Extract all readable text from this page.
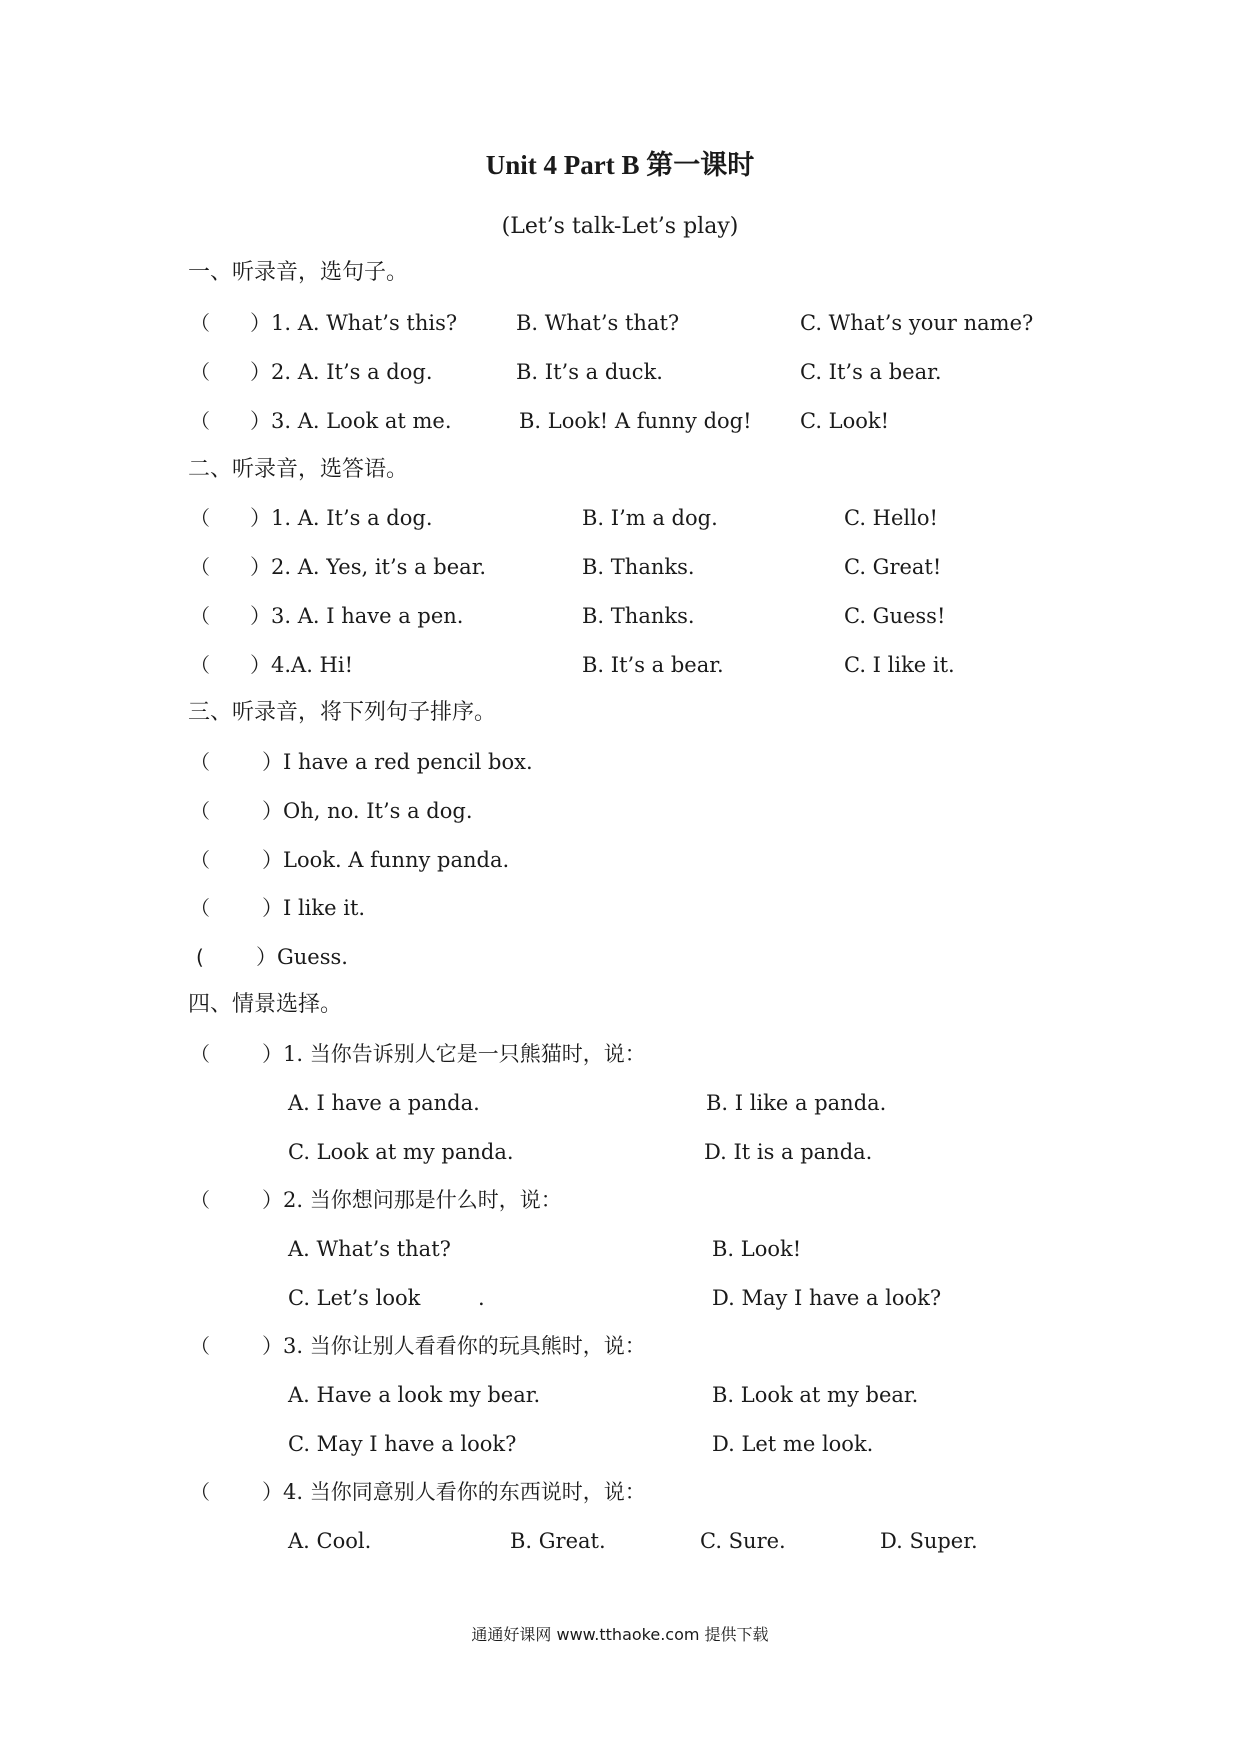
Unit 4 Part B 第一课时
(Let’s talk-Let’s play)
一、听录音，选句子。
（ ）1. A. What’s this?	B. What’s that?	C. What’s your name?
（ ）2. A. It’s a dog.	B. It’s a duck.	C. It’s a bear.
（ ）3. A. Look at me.	B. Look! A funny dog! C. Look!
二、听录音，选答语。
（ ）1. A. It’s a dog.	B. I’m a dog.	C. Hello!
（ ）2. A. Yes, it’s a bear.	B. Thanks.	C. Great!
（ ）3. A. I have a pen.	B. Thanks.	C. Guess!
（ ）4.A. Hi!	B. It’s a bear.	C. I like it.
三、听录音，将下列句子排序。
（ ）I have a red pencil box.
（ ）Oh, no. It’s a dog.
（ ）Look. A funny panda.
（ ）I like it.
( ）Guess.
四、情景选择。
（ ）1. 当你告诉别人它是一只熊猫时，说：
A. I have a panda.	B. I like a panda.
C. Look at my panda.	D. It is a panda.
（ ）2. 当你想问那是什么时，说：
A. What’s that?	B. Look!
C. Let’s look	.	D. May I have a look?
（ ）3. 当你让别人看看你的玩具熊时，说：
A. Have a look my bear.	B. Look at my bear.
C. May I have a look?	D. Let me look.
（ ）4. 当你同意别人看你的东西说时，说：
A. Cool.	B. Great.	C. Sure.	D. Super.
通通好课网 www.tthaoke.com 提供下载
